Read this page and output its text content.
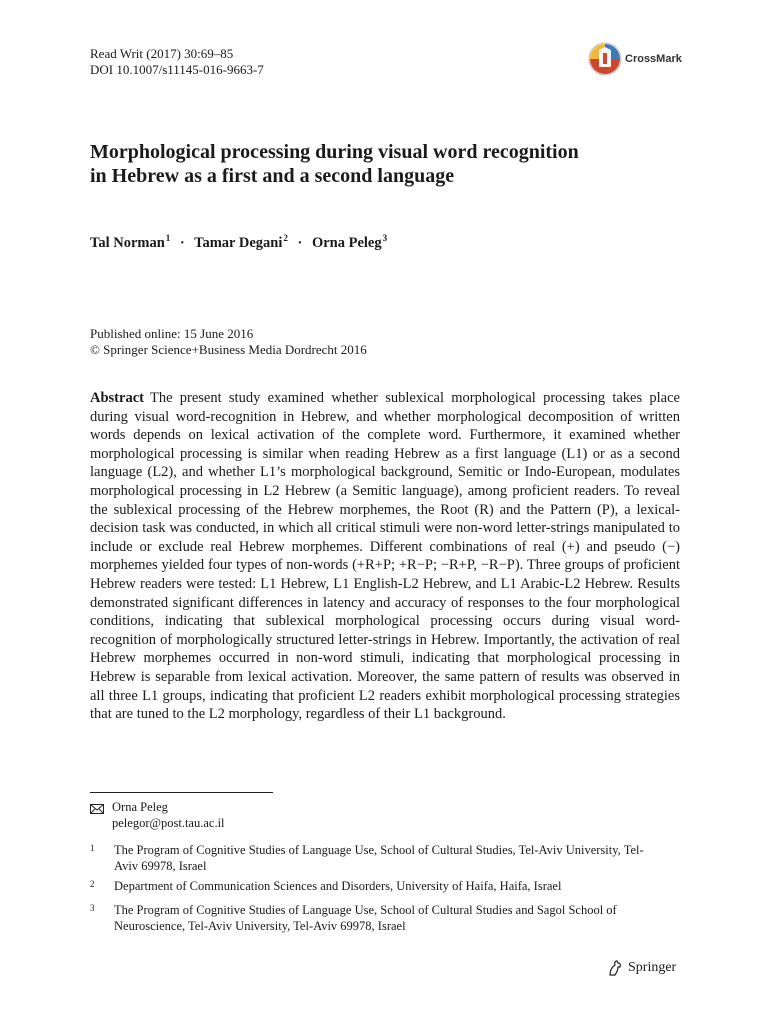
Read Writ (2017) 30:69–85
DOI 10.1007/s11145-016-9663-7
CrossMark
Morphological processing during visual word recognition in Hebrew as a first and a second language
Tal Norman$^1$ · Tamar Degani$^2$ · Orna Peleg$^3$
Published online: 15 June 2016
© Springer Science+Business Media Dordrecht 2016

Abstract The present study examined whether sublexical morphological processing takes place during visual word-recognition in Hebrew, and whether morphological decomposition of written words depends on lexical activation of the complete word. Furthermore, it examined whether morphological processing is similar when reading Hebrew as a first language (L1) or as a second language (L2), and whether L1’s morphological background, Semitic or Indo-European, modulates morphological processing in L2 Hebrew (a Semitic language), among proficient readers. To reveal the sublexical processing of the Hebrew morphemes, the Root (R) and the Pattern (P), a lexical-decision task was conducted, in which all critical stimuli were non-word letter-strings manipulated to include or exclude real Hebrew morphemes. Different combinations of real (+) and pseudo (−) morphemes yielded four types of non-words (+R+P; +R−P; −R+P, −R−P). Three groups of proficient Hebrew readers were tested: L1 Hebrew, L1 English-L2 Hebrew, and L1 Arabic-L2 Hebrew. Results demonstrated significant differences in latency and accuracy of responses to the four morphological conditions, indicating that sublexical morphological processing occurs during visual word-recognition of morphologically structured letter-strings in Hebrew. Importantly, the activation of real Hebrew morphemes occurred in non-word stimuli, indicating that morphological processing in Hebrew is separable from lexical activation. Moreover, the same pattern of results was observed in all three L1 groups, indicating that proficient L2 readers exhibit morphological processing strategies that are tuned to the L2 morphology, regardless of their L1 background.

Orna Peleg
pelegor@post.tau.ac.il
1	The Program of Cognitive Studies of Language Use, School of Cultural Studies, Tel-Aviv University, Tel-Aviv 69978, Israel
2	Department of Communication Sciences and Disorders, University of Haifa, Haifa, Israel
3	The Program of Cognitive Studies of Language Use, School of Cultural Studies and Sagol School of Neuroscience, Tel-Aviv University, Tel-Aviv 69978, Israel
Springer
